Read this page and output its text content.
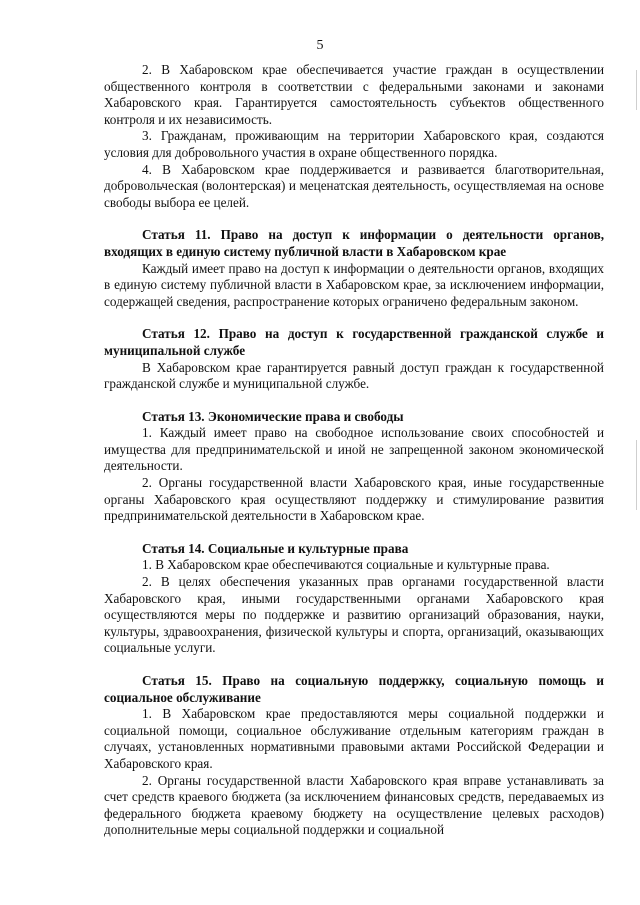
5

2. В Хабаровском крае обеспечивается участие граждан в осуществлении общественного контроля в соответствии с федеральными законами и законами Хабаровского края. Гарантируется самостоятельность субъектов общественного контроля и их независимость.

3. Гражданам, проживающим на территории Хабаровского края, создаются условия для добровольного участия в охране общественного порядка.

4. В Хабаровском крае поддерживается и развивается благотворительная, добровольческая (волонтерская) и меценатская деятельность, осуществляемая на основе свободы выбора ее целей.

Статья 11. Право на доступ к информации о деятельности органов, входящих в единую систему публичной власти в Хабаровском крае

Каждый имеет право на доступ к информации о деятельности органов, входящих в единую систему публичной власти в Хабаровском крае, за исключением информации, содержащей сведения, распространение которых ограничено федеральным законом.

Статья 12. Право на доступ к государственной гражданской службе и муниципальной службе

В Хабаровском крае гарантируется равный доступ граждан к государственной гражданской службе и муниципальной службе.

Статья 13. Экономические права и свободы

1. Каждый имеет право на свободное использование своих способностей и имущества для предпринимательской и иной не запрещенной законом экономической деятельности.

2. Органы государственной власти Хабаровского края, иные государственные органы Хабаровского края осуществляют поддержку и стимулирование развития предпринимательской деятельности в Хабаровском крае.

Статья 14. Социальные и культурные права

1. В Хабаровском крае обеспечиваются социальные и культурные права.

2. В целях обеспечения указанных прав органами государственной власти Хабаровского края, иными государственными органами Хабаровского края осуществляются меры по поддержке и развитию организаций образования, науки, культуры, здравоохранения, физической культуры и спорта, организаций, оказывающих социальные услуги.

Статья 15. Право на социальную поддержку, социальную помощь и социальное обслуживание

1. В Хабаровском крае предоставляются меры социальной поддержки и социальной помощи, социальное обслуживание отдельным категориям граждан в случаях, установленных нормативными правовыми актами Российской Федерации и Хабаровского края.

2. Органы государственной власти Хабаровского края вправе устанавливать за счет средств краевого бюджета (за исключением финансовых средств, передаваемых из федерального бюджета краевому бюджету на осуществление целевых расходов) дополнительные меры социальной поддержки и социальной
